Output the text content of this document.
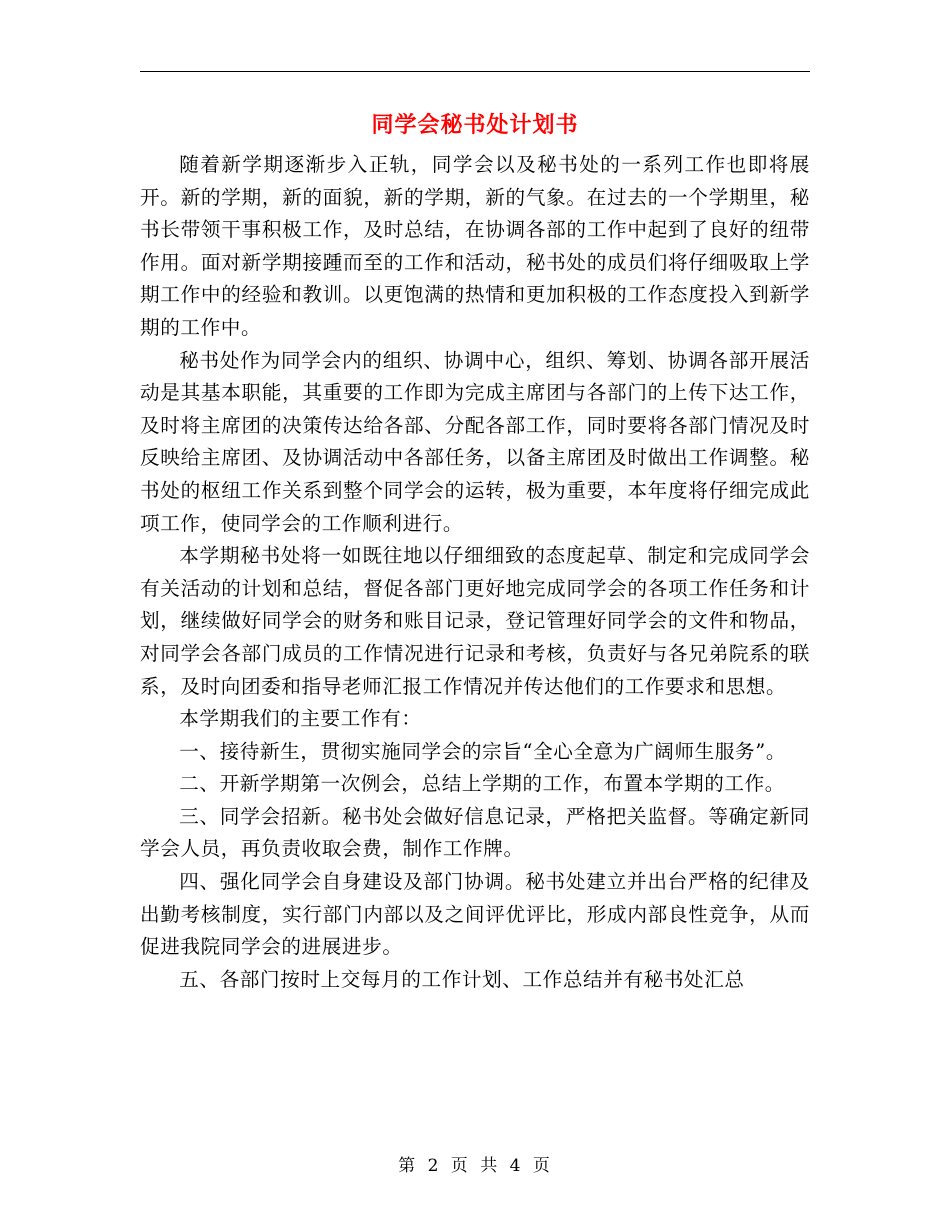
同学会秘书处计划书

随着新学期逐渐步入正轨，同学会以及秘书处的一系列工作也即将展开。新的学期，新的面貌，新的学期，新的气象。在过去的一个学期里，秘书长带领干事积极工作，及时总结，在协调各部的工作中起到了良好的纽带作用。面对新学期接踵而至的工作和活动，秘书处的成员们将仔细吸取上学期工作中的经验和教训。以更饱满的热情和更加积极的工作态度投入到新学期的工作中。

秘书处作为同学会内的组织、协调中心，组织、筹划、协调各部开展活动是其基本职能，其重要的工作即为完成主席团与各部门的上传下达工作，及时将主席团的决策传达给各部、分配各部工作，同时要将各部门情况及时反映给主席团、及协调活动中各部任务，以备主席团及时做出工作调整。秘书处的枢纽工作关系到整个同学会的运转，极为重要，本年度将仔细完成此项工作，使同学会的工作顺利进行。

本学期秘书处将一如既往地以仔细细致的态度起草、制定和完成同学会有关活动的计划和总结，督促各部门更好地完成同学会的各项工作任务和计划，继续做好同学会的财务和账目记录，登记管理好同学会的文件和物品，对同学会各部门成员的工作情况进行记录和考核，负责好与各兄弟院系的联系，及时向团委和指导老师汇报工作情况并传达他们的工作要求和思想。

本学期我们的主要工作有：

一、接待新生，贯彻实施同学会的宗旨“全心全意为广阔师生服务”。

二、开新学期第一次例会，总结上学期的工作，布置本学期的工作。

三、同学会招新。秘书处会做好信息记录，严格把关监督。等确定新同学会人员，再负责收取会费，制作工作牌。

四、强化同学会自身建设及部门协调。秘书处建立并出台严格的纪律及出勤考核制度，实行部门内部以及之间评优评比，形成内部良性竞争，从而促进我院同学会的进展进步。

五、各部门按时上交每月的工作计划、工作总结并有秘书处汇总

第 2 页 共 4 页
